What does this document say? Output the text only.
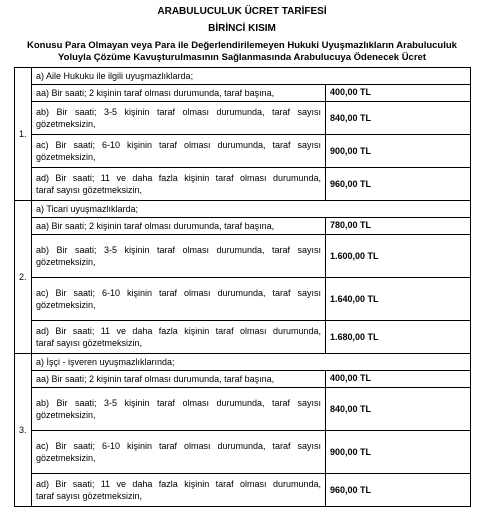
ARABULUCULUK ÜCRET TARİFESİ
BİRİNCİ KISIM
Konusu Para Olmayan veya Para ile Değerlendirilemeyen Hukuki Uyuşmazlıkların Arabuluculuk
Yoluyla Çözüme Kavuşturulmasının Sağlanmasında Arabulucuya Ödenecek Ücret
1.	a) Aile Hukuku ile ilgili uyuşmazlıklarda;	
	aa) Bir saati; 2 kişinin taraf olması durumunda, taraf başına,	400,00 TL

	ab) Bir saati; 3-5 kişinin taraf olması durumunda, taraf sayısı
gözetmeksizin,	840,00 TL

	ac) Bir saati; 6-10 kişinin taraf olması durumunda, taraf sayısı
gözetmeksizin,	900,00 TL

	ad) Bir saati; 11 ve daha fazla kişinin taraf olması durumunda,
taraf sayısı gözetmeksizin,	960,00 TL
2.	a) Ticari uyuşmazlıklarda;	
	aa) Bir saati; 2 kişinin taraf olması durumunda, taraf başına,	780,00 TL

	ab) Bir saati; 3-5 kişinin taraf olması durumunda, taraf sayısı
gözetmeksizin,	1.600,00 TL

	ac) Bir saati; 6-10 kişinin taraf olması durumunda, taraf sayısı
gözetmeksizin,	1.640,00 TL

	ad) Bir saati; 11 ve daha fazla kişinin taraf olması durumunda,
taraf sayısı gözetmeksizin,	1.680,00 TL
3.	a) İşçi - işveren uyuşmazlıklarında;	
	aa) Bir saati; 2 kişinin taraf olması durumunda, taraf başına,	400,00 TL

	ab) Bir saati; 3-5 kişinin taraf olması durumunda, taraf sayısı
gözetmeksizin,	840,00 TL

	ac) Bir saati; 6-10 kişinin taraf olması durumunda, taraf sayısı
gözetmeksizin,	900,00 TL

	ad) Bir saati; 11 ve daha fazla kişinin taraf olması durumunda,
taraf sayısı gözetmeksizin,	960,00 TL
